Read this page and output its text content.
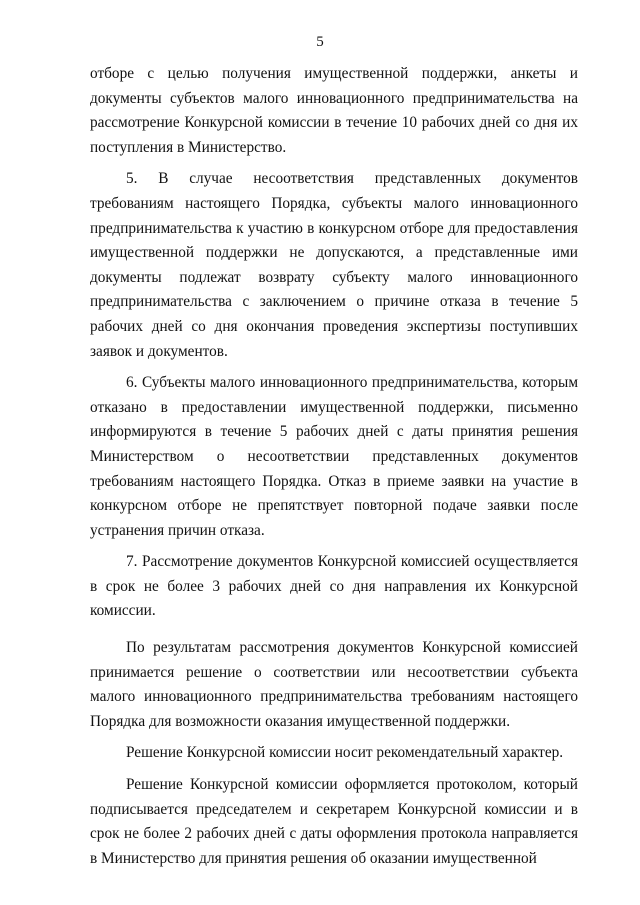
5

отборе с целью получения имущественной поддержки, анкеты и документы субъектов малого инновационного предпринимательства на рассмотрение Конкурсной комиссии в течение 10 рабочих дней со дня их поступления в Министерство.

5. В случае несоответствия представленных документов требованиям настоящего Порядка, субъекты малого инновационного предпринимательства к участию в конкурсном отборе для предоставления имущественной поддержки не допускаются, а представленные ими документы подлежат возврату субъекту малого инновационного предпринимательства с заключением о причине отказа в течение 5 рабочих дней со дня окончания проведения экспертизы поступивших заявок и документов.

6. Субъекты малого инновационного предпринимательства, которым отказано в предоставлении имущественной поддержки, письменно информируются в течение 5 рабочих дней с даты принятия решения Министерством о несоответствии представленных документов требованиям настоящего Порядка. Отказ в приеме заявки на участие в конкурсном отборе не препятствует повторной подаче заявки после устранения причин отказа.

7. Рассмотрение документов Конкурсной комиссией осуществляется в срок не более 3 рабочих дней со дня направления их Конкурсной комиссии.

По результатам рассмотрения документов Конкурсной комиссией принимается решение о соответствии или несоответствии субъекта малого инновационного предпринимательства требованиям настоящего Порядка для возможности оказания имущественной поддержки.

Решение Конкурсной комиссии носит рекомендательный характер.

Решение Конкурсной комиссии оформляется протоколом, который подписывается председателем и секретарем Конкурсной комиссии и в срок не более 2 рабочих дней с даты оформления протокола направляется в Министерство для принятия решения об оказании имущественной
